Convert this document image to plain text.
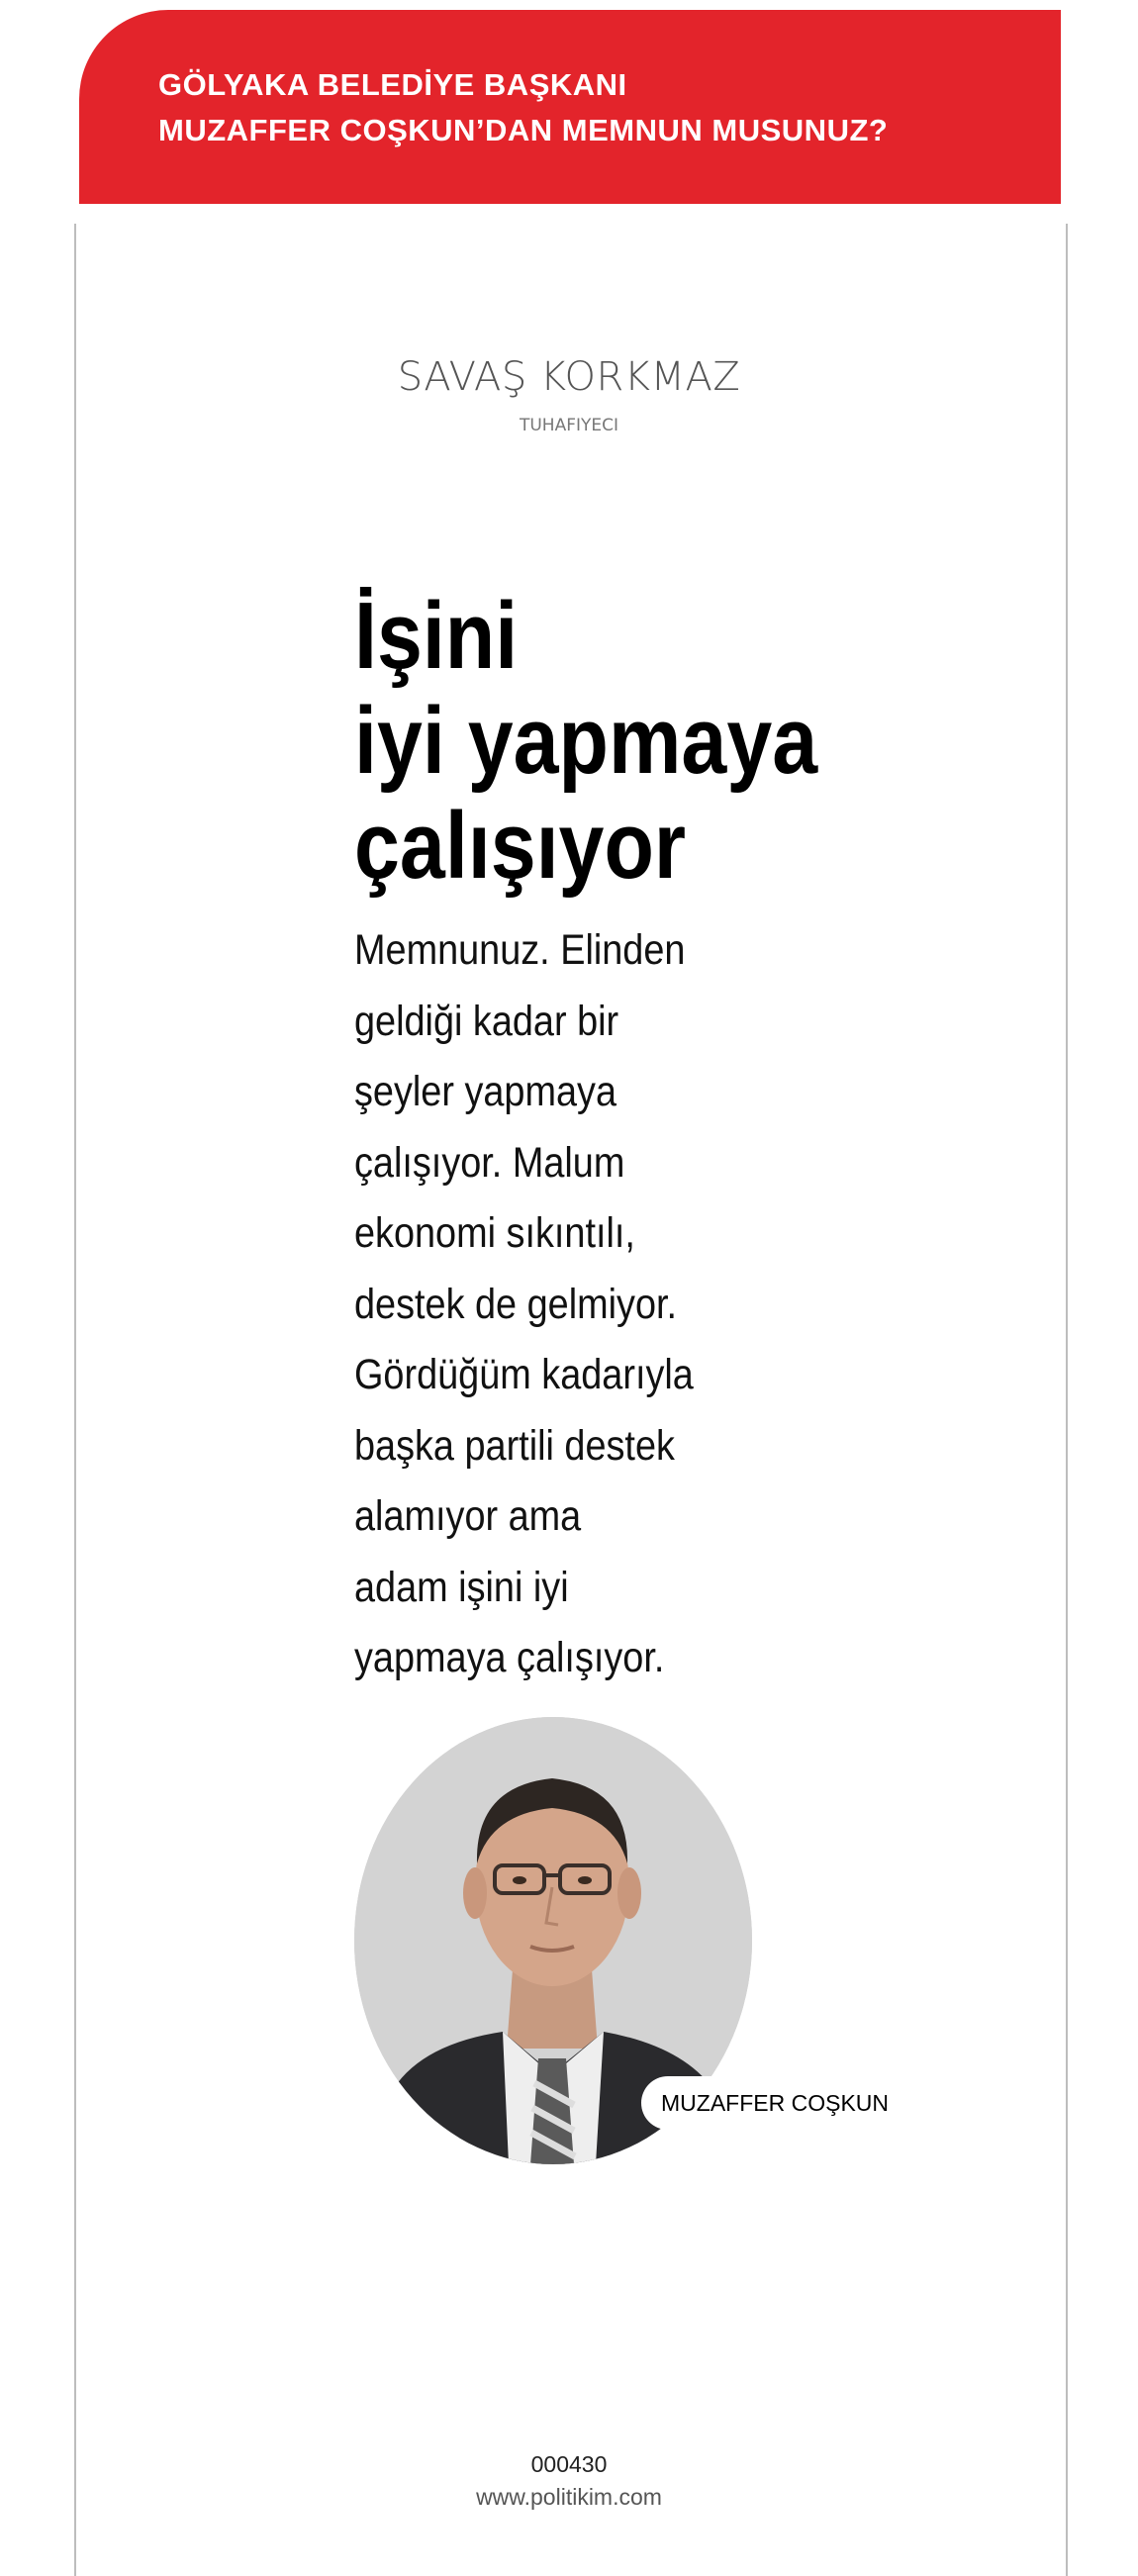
GÖLYAKA BELEDİYE BAŞKANI
MUZAFFER COŞKUN’DAN MEMNUN MUSUNUZ?
SAVAŞ KORKMAZ
TUHAFIYECI
İşini
iyi yapmaya
çalışıyor
Memnunuz. Elinden
geldiği kadar bir
şeyler yapmaya
çalışıyor. Malum
ekonomi sıkıntılı,
destek de gelmiyor.
Gördüğüm kadarıyla
başka partili destek
alamıyor ama
adam işini iyi
yapmaya çalışıyor.
MUZAFFER COŞKUN
000430
www.politikim.com
